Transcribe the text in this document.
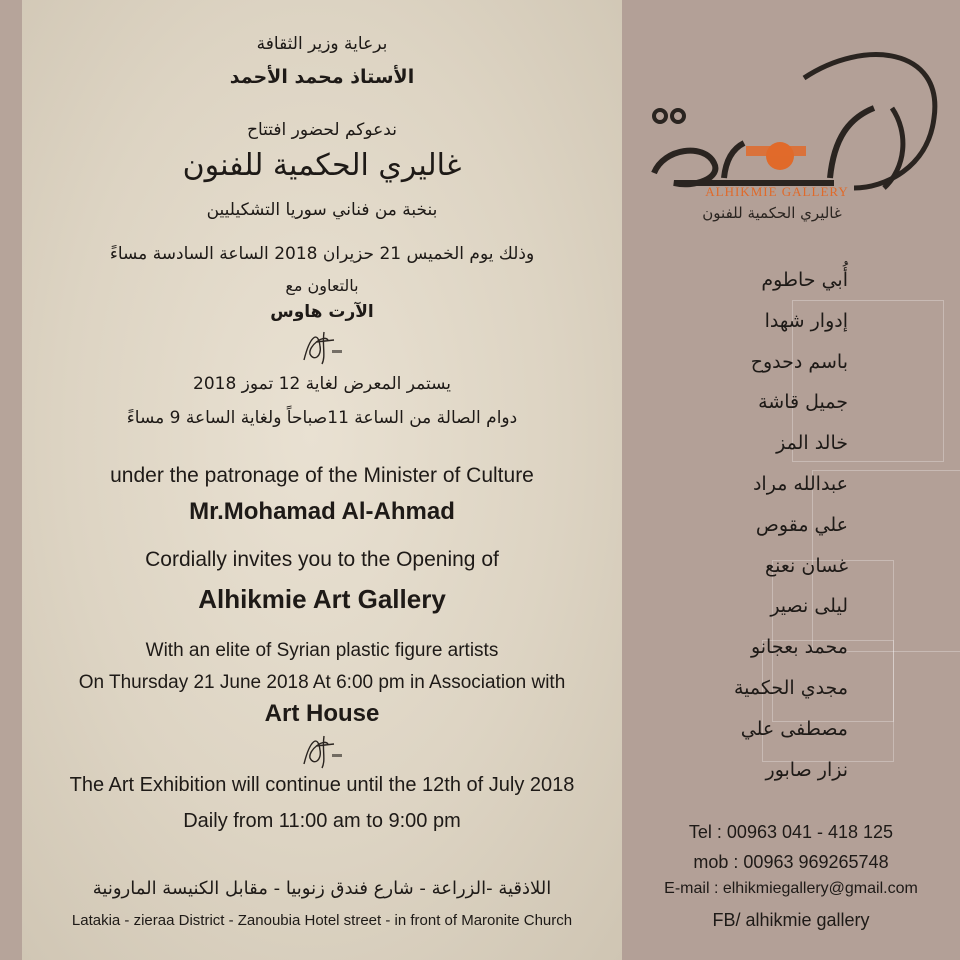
برعاية وزير الثقافة
الأستاذ محمد الأحمد
ندعوكم لحضور افتتاح
غاليري الحكمية للفنون
بنخبة من فناني سوريا التشكيليين
وذلك يوم الخميس 21 حزيران 2018 الساعة السادسة مساءً
بالتعاون مع
الآرت هاوس
يستمر المعرض لغاية 12 تموز 2018
دوام الصالة من الساعة 11صباحاً ولغاية الساعة 9 مساءً
under the patronage of the Minister of Culture
Mr.Mohamad Al-Ahmad
Cordially invites you to the Opening of
Alhikmie Art Gallery
With an elite of Syrian plastic figure artists
On Thursday 21 June 2018 At 6:00 pm in Association with
Art House
The Art Exhibition will continue until the 12th of July 2018
Daily from 11:00 am to 9:00 pm
اللاذقية -الزراعة - شارع فندق زنوبيا - مقابل الكنيسة المارونية
Latakia - zieraa District - Zanoubia Hotel street - in front of Maronite Church
ALHIKMIE GALLERY
غاليري الحكمية للفنون
أُبي حاطوم
إدوار شهدا
باسم دحدوح
جميل قاشة
خالد المز
عبدالله مراد
علي مقوص
غسان نعنع
ليلى نصير
محمد بعجانو
مجدي الحكمية
مصطفى علي
نزار صابور
Tel : 00963 041 - 418 125
mob : 00963 969265748
E-mail : elhikmiegallery@gmail.com
FB/ alhikmie gallery
